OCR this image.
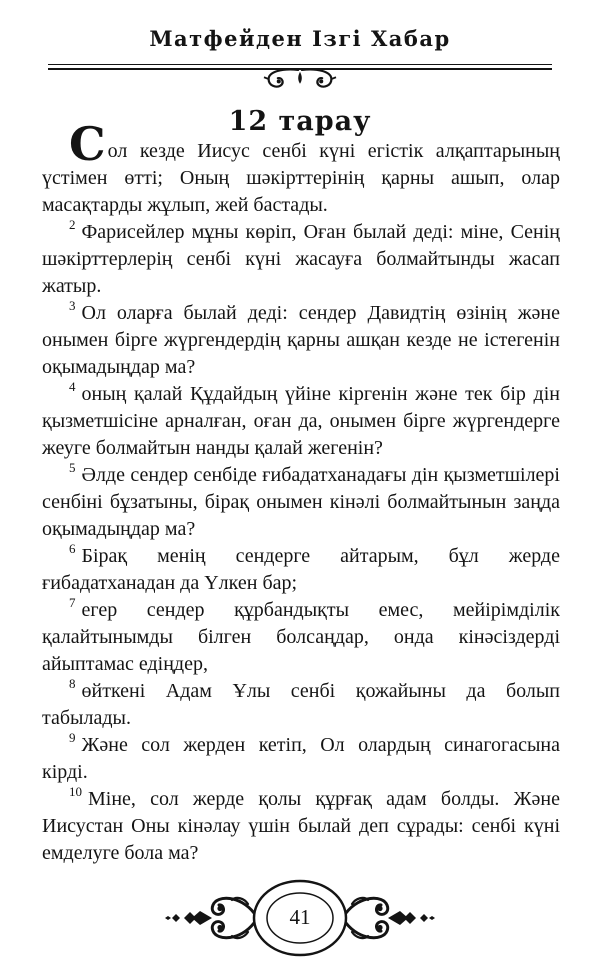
Матфейден Ізгі Хабар
12 тарау

Сол кезде Иисус сенбі күні егістік алқаптарының үстімен өтті; Оның шәкірттерінің қарны ашып, олар масақтарды жұлып, жей бастады.

$^2$ Фарисейлер мұны көріп, Оған былай деді: міне, Сенің шәкірттерлерің сенбі күні жасауға болмайтынды жасап жатыр.

$^3$ Ол оларға былай деді: сендер Давидтің өзінің және онымен бірге жүргендердің қарны ашқан кезде не істегенін оқымадыңдар ма?

$^4$ оның қалай Құдайдың үйіне кіргенін және тек бір дін қызметшісіне арналған, оған да, онымен бірге жүргендерге жеуге болмайтын нанды қалай жегенін?

$^5$ Әлде сендер сенбіде ғибадатханадағы дін қызметшілері сенбіні бұзатыны, бірақ онымен кінәлі болмайтынын заңда оқымадыңдар ма?

$^6$ Бірақ менің сендерге айтарым, бұл жерде ғибадатханадан да Үлкен бар;

$^7$ егер сендер құрбандықты емес, мейірімділік қалайтынымды білген болсаңдар, онда кінәсіздерді айыптамас едіңдер,

$^8$ өйткені Адам Ұлы сенбі қожайыны да болып табылады.

$^9$ Және сол жерден кетіп, Ол олардың синагогасына кірді.

$^{10}$ Міне, сол жерде қолы құрғақ адам болды. Және Иисустан Оны кінәлау үшін былай деп сұрады: сенбі күні емделуге бола ма?

41
